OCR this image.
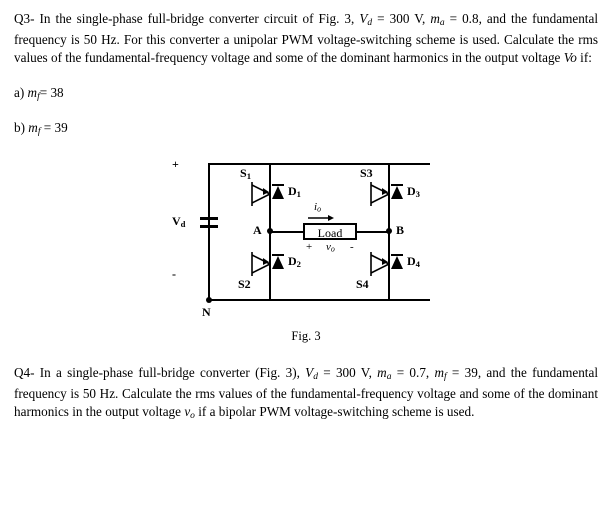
Q3- In the single-phase full-bridge converter circuit of Fig. 3, $V_d = 300$ V, $m_a = 0.8$, and the fundamental frequency is 50 Hz. For this converter a unipolar PWM voltage-switching scheme is used. Calculate the rms values of the fundamental-frequency voltage and some of the dominant harmonics in the output voltage Vo if:

a) $m_f= 38$

b) $m_f = 39$

Load
+
-
$V_d$
N
$S_1$
S2
S3
S4
$D_1$
$D_2$
$D_3$
$D_4$
A	B
$i_o$
+ $v_o$ -
Fig. 3

Q4- In a single-phase full-bridge converter (Fig. 3), $V_d = 300$ V, $m_a = 0.7$, $m_f = 39$, and the fundamental frequency is 50 Hz. Calculate the rms values of the fundamental-frequency voltage and some of the dominant harmonics in the output voltage $v_o$ if a bipolar PWM voltage-switching scheme is used.
